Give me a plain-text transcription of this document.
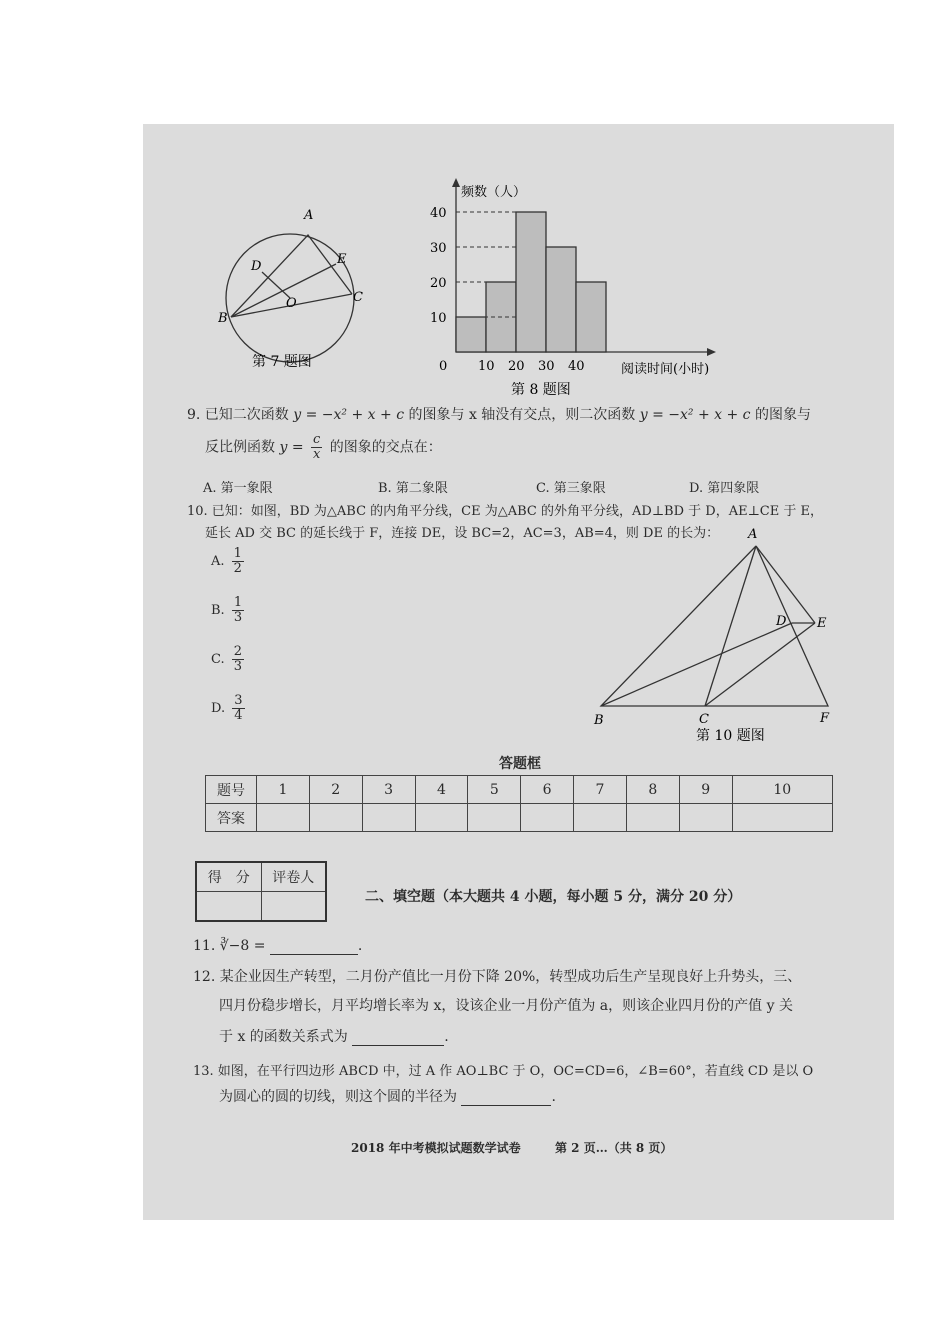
A
B
C
D	E
O
第 7 题图
10
20
30
40
10 20 30 40
频数（人）
阅读时间(小时)
0
第 8 题图
9. 已知二次函数 y = −x² + x + c 的图象与 x 轴没有交点，则二次函数 y = −x² + x + c 的图象与
反比例函数 $y = \frac{c}{x}$ 的图象的交点在：
A. 第一象限	B. 第二象限	C. 第三象限	D. 第四象限
10. 已知：如图，BD 为△ABC 的内角平分线，CE 为△ABC 的外角平分线，AD⊥BD 于 D，AE⊥CE 于 E，
延长 AD 交 BC 的延长线于 F，连接 DE，设 BC=2，AC=3，AB=4，则 DE 的长为：
A. $\frac{1}{2}$
B. $\frac{1}{3}$
C. $\frac{2}{3}$
D. $\frac{3}{4}$
A
B	C
D E
F
第 10 题图
答题框
题号	1	2	3	4	5	6	7	8	9	10
答案										
得　分	评卷人

二、填空题（本大题共 4 小题，每小题 5 分，满分 20 分）
11. ∛−8 =	.
12. 某企业因生产转型，二月份产值比一月份下降 20%，转型成功后生产呈现良好上升势头，三、
四月份稳步增长，月平均增长率为 x，设该企业一月份产值为 a，则该企业四月份的产值 y 关
于 x 的函数关系式为	.
13. 如图，在平行四边形 ABCD 中，过 A 作 AO⊥BC 于 O，OC=CD=6，∠B=60°，若直线 CD 是以 O
为圆心的圆的切线，则这个圆的半径为	.
2018 年中考模拟试题数学试卷	第 2 页…（共 8 页）
